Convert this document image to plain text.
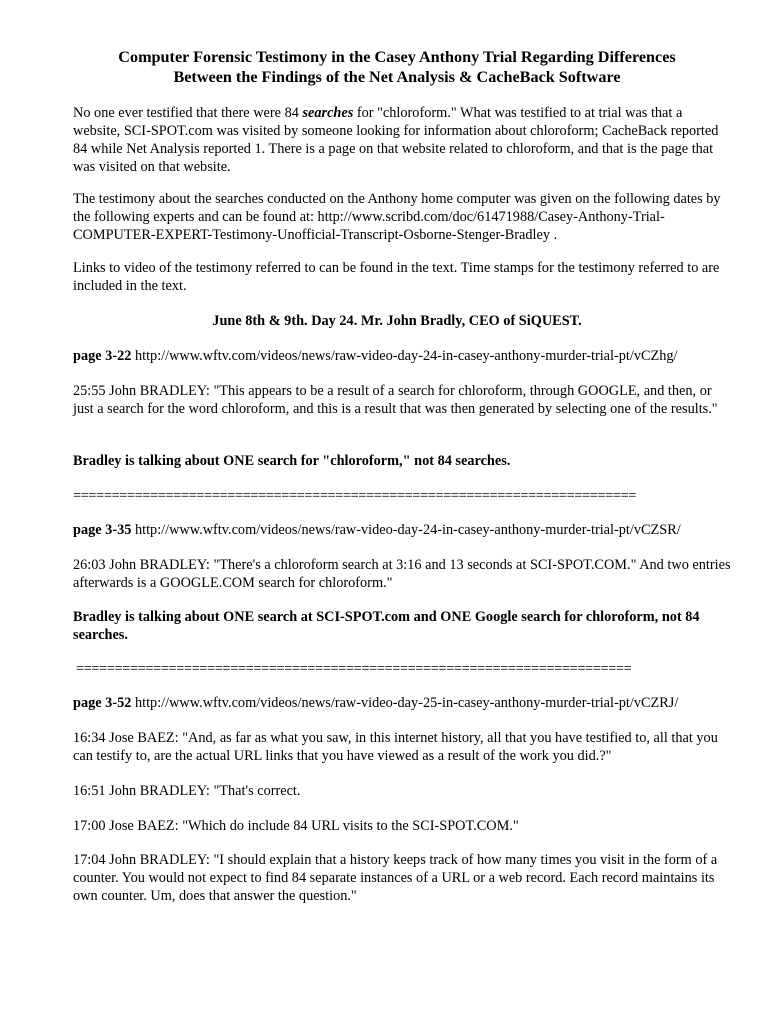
Computer Forensic Testimony in the Casey Anthony Trial Regarding Differences
Between the Findings of the Net Analysis & CacheBack Software

No one ever testified that there were 84 searches for "chloroform." What was testified to at trial was that a website, SCI-SPOT.com was visited by someone looking for information about chloroform; CacheBack reported 84 while Net Analysis reported 1. There is a page on that website related to chloroform, and that is the page that was visited on that website.

The testimony about the searches conducted on the Anthony home computer was given on the following dates by the following experts and can be found at: http://www.scribd.com/doc/61471988/Casey-Anthony-Trial-COMPUTER-EXPERT-Testimony-Unofficial-Transcript-Osborne-Stenger-Bradley .

Links to video of the testimony referred to can be found in the text. Time stamps for the testimony referred to are included in the text.

June 8th & 9th. Day 24. Mr. John Bradly, CEO of SiQUEST.

page 3-22 http://www.wftv.com/videos/news/raw-video-day-24-in-casey-anthony-murder-trial-pt/vCZhg/

25:55 John BRADLEY: "This appears to be a result of a search for chloroform, through GOOGLE, and then, or just a search for the word chloroform, and this is a result that was then generated by selecting one of the results."

Bradley is talking about ONE search for "chloroform," not 84 searches.

=========================================================================

page 3-35 http://www.wftv.com/videos/news/raw-video-day-24-in-casey-anthony-murder-trial-pt/vCZSR/

26:03 John BRADLEY: "There's a chloroform search at 3:16 and 13 seconds at SCI-SPOT.COM." And two entries afterwards is a GOOGLE.COM search for chloroform."

Bradley is talking about ONE search at SCI-SPOT.com and ONE Google search for chloroform, not 84 searches.

========================================================================

page 3-52 http://www.wftv.com/videos/news/raw-video-day-25-in-casey-anthony-murder-trial-pt/vCZRJ/

16:34 Jose BAEZ: "And, as far as what you saw, in this internet history, all that you have testified to, all that you can testify to, are the actual URL links that you have viewed as a result of the work you did.?"

16:51 John BRADLEY: "That's correct.

17:00 Jose BAEZ: "Which do include 84 URL visits to the SCI-SPOT.COM."

17:04 John BRADLEY: "I should explain that a history keeps track of how many times you visit in the form of a counter. You would not expect to find 84 separate instances of a URL or a web record. Each record maintains its own counter. Um, does that answer the question."
